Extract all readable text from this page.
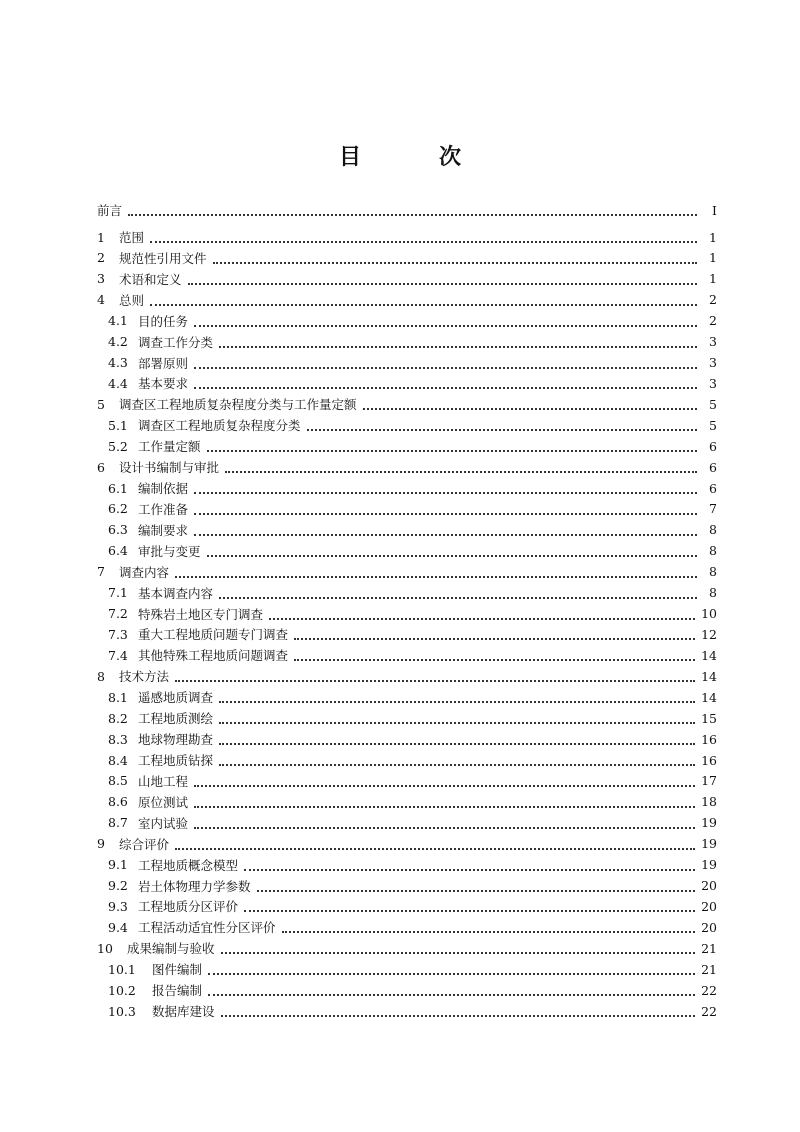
目　次
前言	I
1	范围	1
2	规范性引用文件	1
3	术语和定义	1
4	总则	2
4.1 目的任务	2
4.2 调查工作分类	3
4.3 部署原则	3
4.4 基本要求	3
5	调查区工程地质复杂程度分类与工作量定额	5
5.1 调查区工程地质复杂程度分类	5
5.2 工作量定额	6
6	设计书编制与审批	6
6.1 编制依据	6
6.2 工作准备	7
6.3 编制要求	8
6.4 审批与变更	8
7	调查内容	8
7.1 基本调查内容	8
7.2 特殊岩土地区专门调查	10
7.3 重大工程地质问题专门调查	12
7.4 其他特殊工程地质问题调查	14
8	技术方法	14
8.1 遥感地质调查	14
8.2 工程地质测绘	15
8.3 地球物理勘查	16
8.4 工程地质钻探	16
8.5 山地工程	17
8.6 原位测试	18
8.7 室内试验	19
9	综合评价	19
9.1 工程地质概念模型	19
9.2 岩土体物理力学参数	20
9.3 工程地质分区评价	20
9.4 工程活动适宜性分区评价	20
10	成果编制与验收	21
10.1	图件编制	21
10.2	报告编制	22
10.3	数据库建设	22
